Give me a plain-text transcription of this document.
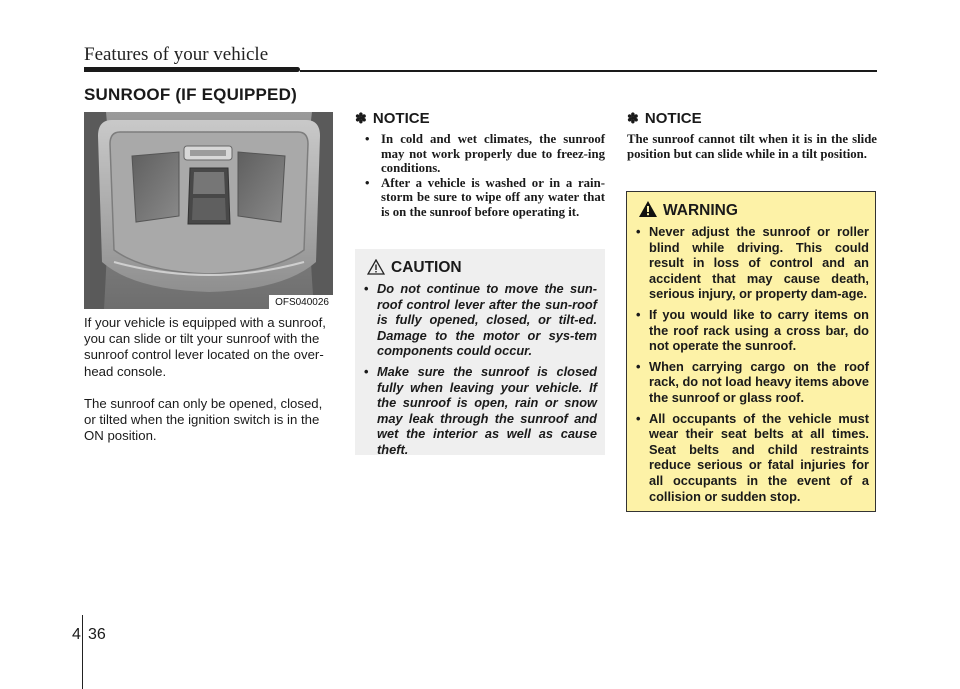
Features of your vehicle
SUNROOF (IF EQUIPPED)
OFS040026

If your vehicle is equipped with a sunroof, you can slide or tilt your sunroof with the sunroof control lever located on the over-head console.

The sunroof can only be opened, closed, or tilted when the ignition switch is in the ON position.

✽ NOTICE
• In cold and wet climates, the sunroof may not work properly due to freez-ing conditions.
• After a vehicle is washed or in a rain-storm be sure to wipe off any water that is on the sunroof before operating it.
CAUTION
• Do not continue to move the sun-roof control lever after the sun-roof is fully opened, closed, or tilt-ed. Damage to the motor or sys-tem components could occur.
• Make sure the sunroof is closed fully when leaving your vehicle. If the sunroof is open, rain or snow may leak through the sunroof and wet the interior as well as cause theft.
✽ NOTICE

The sunroof cannot tilt when it is in the slide position but can slide while in a tilt position.

WARNING
• Never adjust the sunroof or roller blind while driving. This could result in loss of control and an accident that may cause death, serious injury, or property dam-age.
• If you would like to carry items on the roof rack using a cross bar, do not operate the sunroof.
• When carrying cargo on the roof rack, do not load heavy items above the sunroof or glass roof.
• All occupants of the vehicle must wear their seat belts at all times. Seat belts and child restraints reduce serious or fatal injuries for all occupants in the event of a collision or sudden stop.
4 36
